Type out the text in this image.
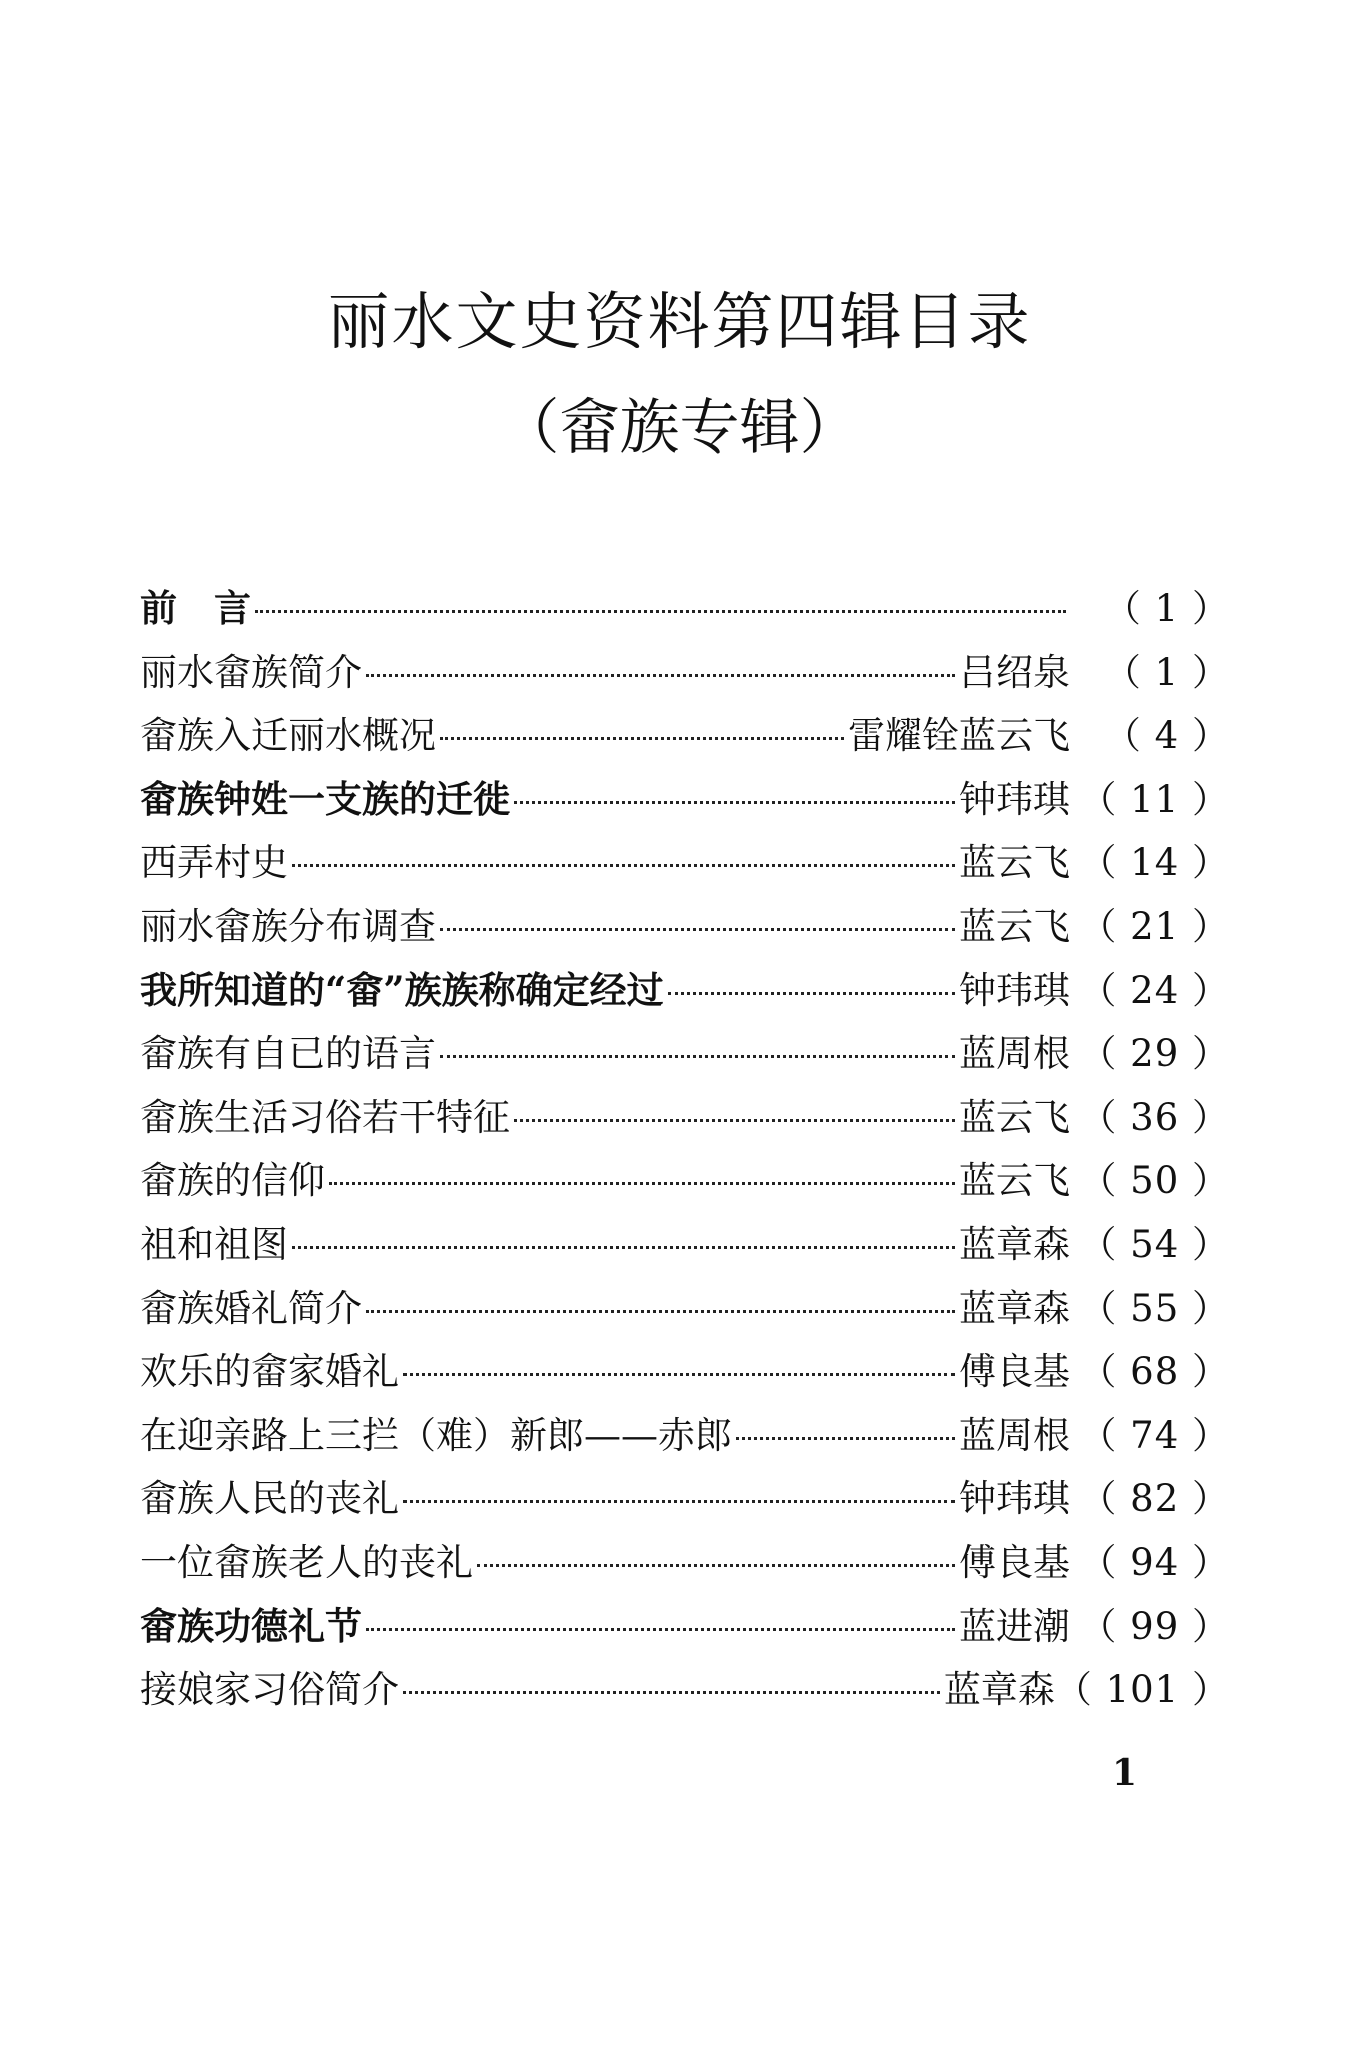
丽水文史资料第四辑目录
（畲族专辑）
前　言	（ 1 ）
丽水畲族简介	吕绍泉 （ 1 ）
畲族入迁丽水概况	雷耀铨蓝云飞 （ 4 ）
畲族钟姓一支族的迁徙	钟玮琪 （ 11 ）
西弄村史	蓝云飞 （ 14 ）
丽水畲族分布调查	蓝云飞 （ 21 ）
我所知道的“畲”族族称确定经过	钟玮琪 （ 24 ）
畲族有自已的语言	蓝周根 （ 29 ）
畲族生活习俗若干特征	蓝云飞 （ 36 ）
畲族的信仰	蓝云飞 （ 50 ）
祖和祖图	蓝章森 （ 54 ）
畲族婚礼简介	蓝章森 （ 55 ）
欢乐的畲家婚礼	傅良基 （ 68 ）
在迎亲路上三拦（难）新郎——赤郎	蓝周根 （ 74 ）
畲族人民的丧礼	钟玮琪 （ 82 ）
一位畲族老人的丧礼	傅良基 （ 94 ）
畲族功德礼节	蓝进潮 （ 99 ）
接娘家习俗简介	蓝章森 （ 101 ）
1
